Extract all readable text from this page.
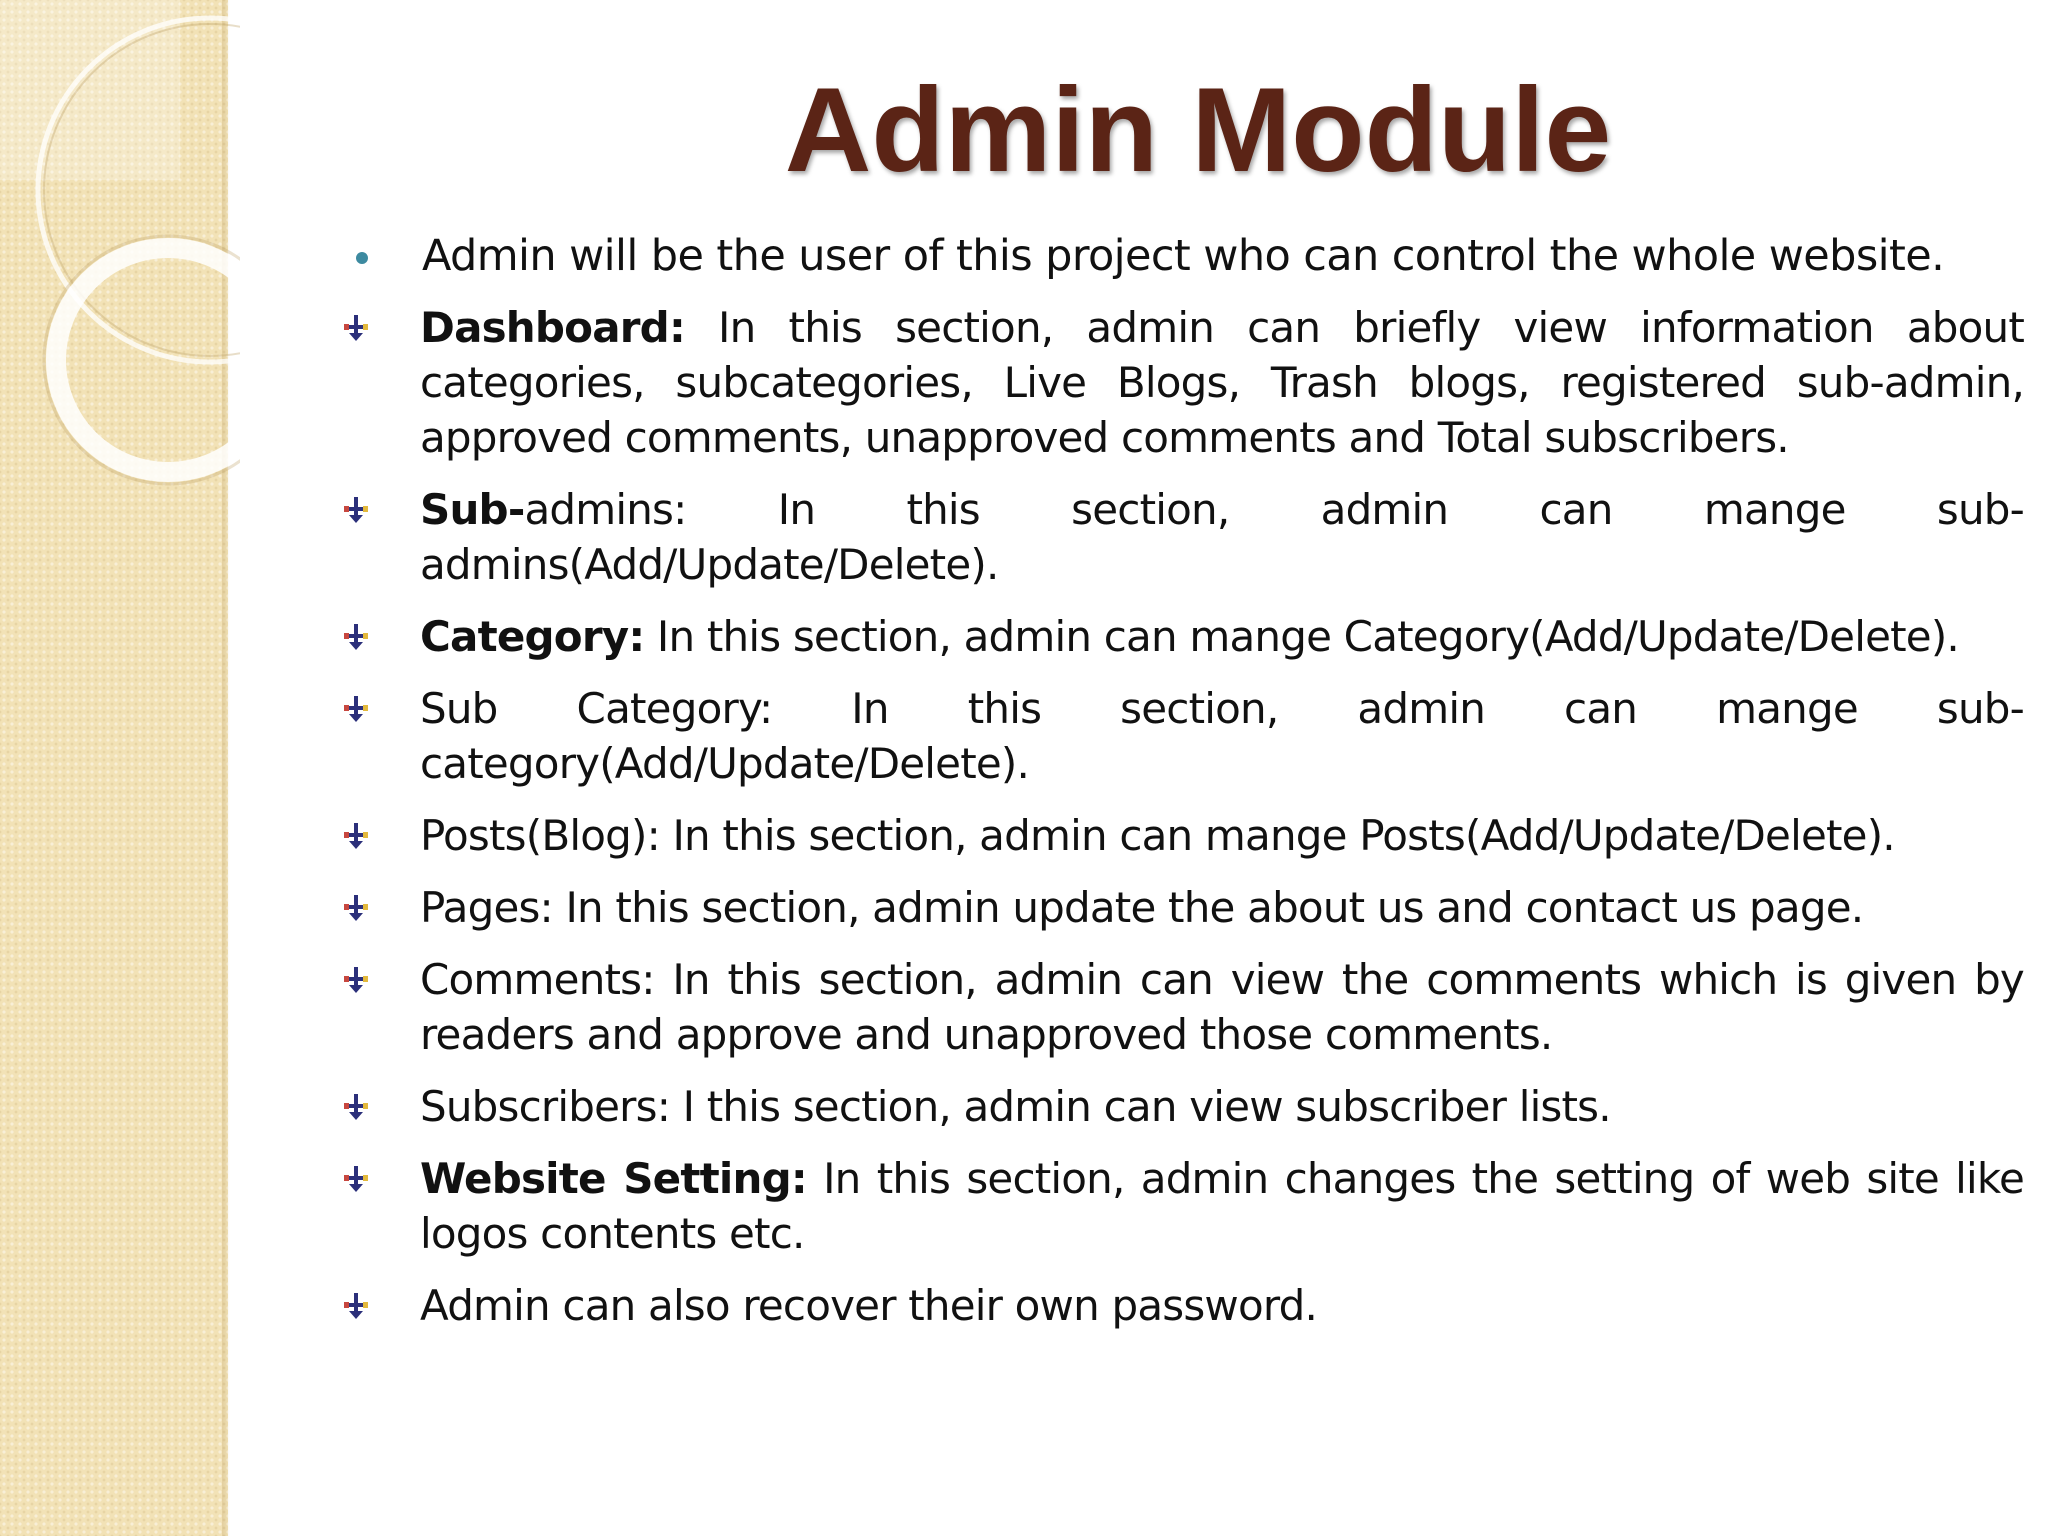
Admin Module
Admin will be the user of this project who can control the whole website.
Dashboard: In this section, admin can briefly view information about categories, subcategories, Live Blogs, Trash blogs, registered sub-admin, approved comments, unapproved comments and Total subscribers.
Sub-admins: In this section, admin can mange sub-admins(Add/Update/Delete).
Category: In this section, admin can mange Category(Add/Update/Delete).
Sub Category: In this section, admin can mange sub-category(Add/Update/Delete).
Posts(Blog): In this section, admin can mange Posts(Add/Update/Delete).
Pages: In this section, admin update the about us and contact us page.
Comments: In this section, admin can view the comments which is given by readers and approve and unapproved those comments.
Subscribers: I this section, admin can view subscriber lists.
Website Setting: In this section, admin changes the setting of web site like logos contents etc.
Admin can also recover their own password.
